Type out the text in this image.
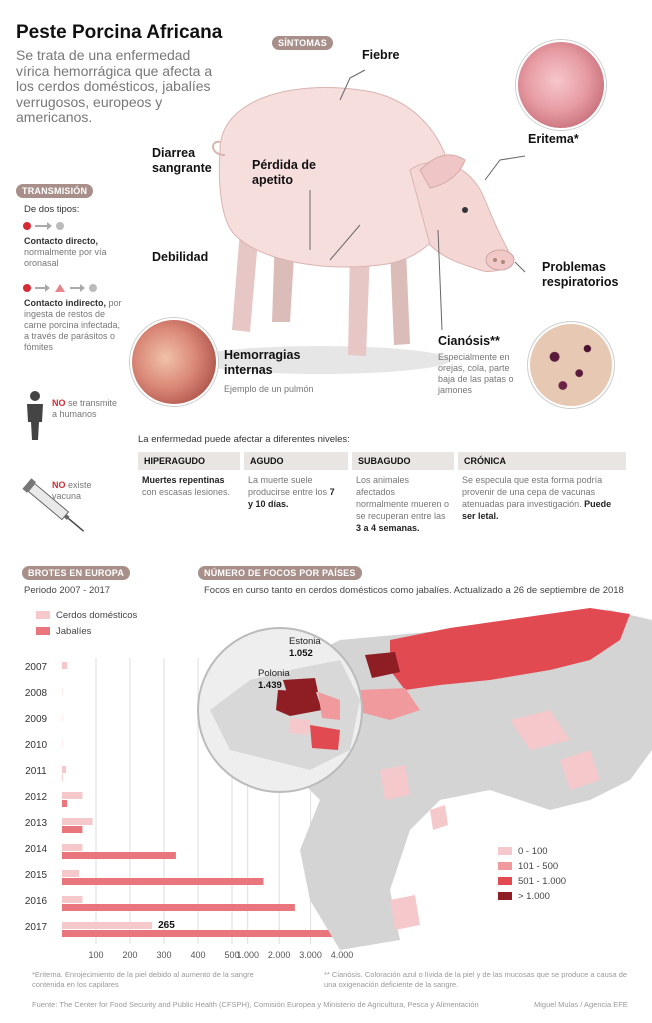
Peste Porcina Africana
Se trata de una enfermedad vírica hemorrágica que afecta a los cerdos domésticos, jabalíes verrugosos, europeos y americanos.
SÍNTOMAS
Fiebre
Eritema*
Diarrea sangrante	Pérdida de apetito
Debilidad
Problemas respiratorios
Hemorragias internas
Ejemplo de un pulmón
Cianósis**
Especialmente en orejas, cola, parte baja de las patas o jamones
TRANSMISIÓN
De dos tipos:
Contacto directo, normalmente por vía oronasal
Contacto indirecto, por ingesta de restos de carne porcina infectada, a través de parásitos o fómites
NO se transmite a humanos
NO existe vacuna
La enfermedad puede afectar a diferentes niveles:
HIPERAGUDO	AGUDO	SUBAGUDO	CRÓNICA
Muertes repentinas con escasas lesiones.
La muerte suele producirse entre los 7 y 10 días.
Los animales afectados normalmente mueren o se recuperan entre las 3 a 4 semanas.
Se especula que esta forma podría provenir de una cepa de vacunas atenuadas para investigación. Puede ser letal.
BROTES EN EUROPA
Periodo 2007 - 2017
Cerdos domésticos
Jabalíes
100 200 300 400 500
1.000 2.000 3.000 4.000
2007
2008
2009
2010
2011
2012
2013
2014
2015
2016
2017	265
NÚMERO DE FOCOS POR PAÍSES
Focos en curso tanto en cerdos domésticos como jabalíes. Actualizado a 26 de septiembre de 2018
Estonia
1.052
Polonia
1.439
0 - 100
101 - 500
501 - 1.000
> 1.000
*Eritema. Enrojecimiento de la piel debido al aumento de la sangre contenida en los capilares
** Cianósis. Coloración azul o lívida de la piel y de las mucosas que se produce a causa de una oxigenación deficiente de la sangre.
Fuente: The Center for Food Security and Public Health (CFSPH), Comisión Europea y Ministerio de Agricultura, Pesca y Alimentación	Miguel Mulas / Agencia EFE
